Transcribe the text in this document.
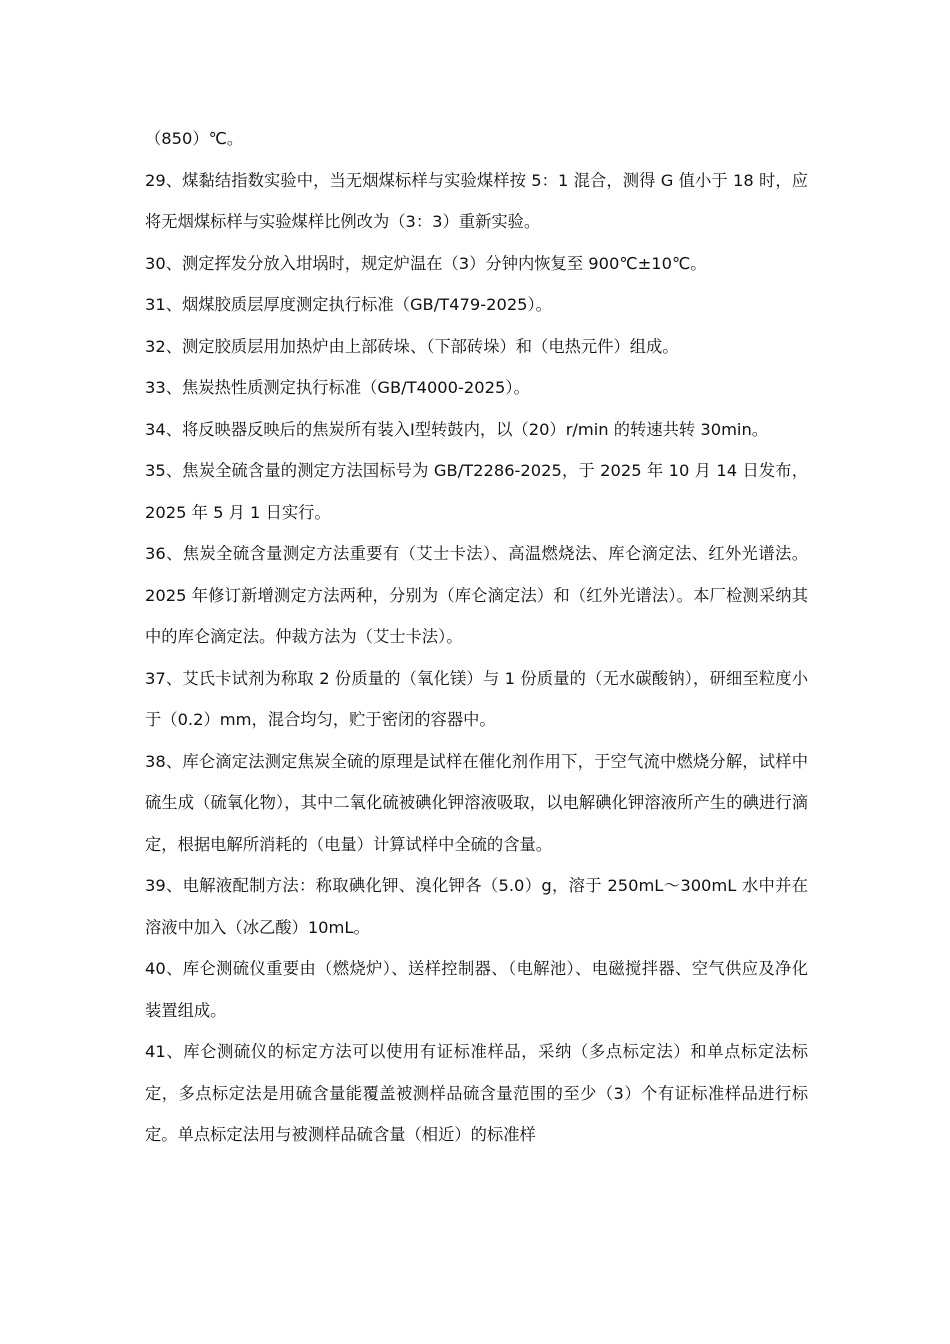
（850）℃。

29、煤黏结指数实验中，当无烟煤标样与实验煤样按 5：1 混合，测得 G 值小于 18 时，应将无烟煤标样与实验煤样比例改为（3：3）重新实验。

30、测定挥发分放入坩埚时，规定炉温在（3）分钟内恢复至 900℃±10℃。

31、烟煤胶质层厚度测定执行标准（GB/T479-2025）。

32、测定胶质层用加热炉由上部砖垛、（下部砖垛）和（电热元件）组成。

33、焦炭热性质测定执行标准（GB/T4000-2025）。

34、将反映器反映后的焦炭所有装入Ⅰ型转鼓内，以（20）r/min 的转速共转 30min。

35、焦炭全硫含量的测定方法国标号为 GB/T2286-2025，于 2025 年 10 月 14 日发布，2025 年 5 月 1 日实行。

36、焦炭全硫含量测定方法重要有（艾士卡法）、高温燃烧法、库仑滴定法、红外光谱法。2025 年修订新增测定方法两种，分别为（库仑滴定法）和（红外光谱法）。本厂检测采纳其中的库仑滴定法。仲裁方法为（艾士卡法）。

37、艾氏卡试剂为称取 2 份质量的（氧化镁）与 1 份质量的（无水碳酸钠），研细至粒度小于（0.2）mm，混合均匀，贮于密闭的容器中。

38、库仑滴定法测定焦炭全硫的原理是试样在催化剂作用下，于空气流中燃烧分解，试样中硫生成（硫氧化物），其中二氧化硫被碘化钾溶液吸取，以电解碘化钾溶液所产生的碘进行滴定，根据电解所消耗的（电量）计算试样中全硫的含量。

39、电解液配制方法：称取碘化钾、溴化钾各（5.0）g，溶于 250mL～300mL 水中并在溶液中加入（冰乙酸）10mL。

40、库仑测硫仪重要由（燃烧炉）、送样控制器、（电解池）、电磁搅拌器、空气供应及净化装置组成。

41、库仑测硫仪的标定方法可以使用有证标准样品，采纳（多点标定法）和单点标定法标定，多点标定法是用硫含量能覆盖被测样品硫含量范围的至少（3）个有证标准样品进行标定。单点标定法用与被测样品硫含量（相近）的标准样
